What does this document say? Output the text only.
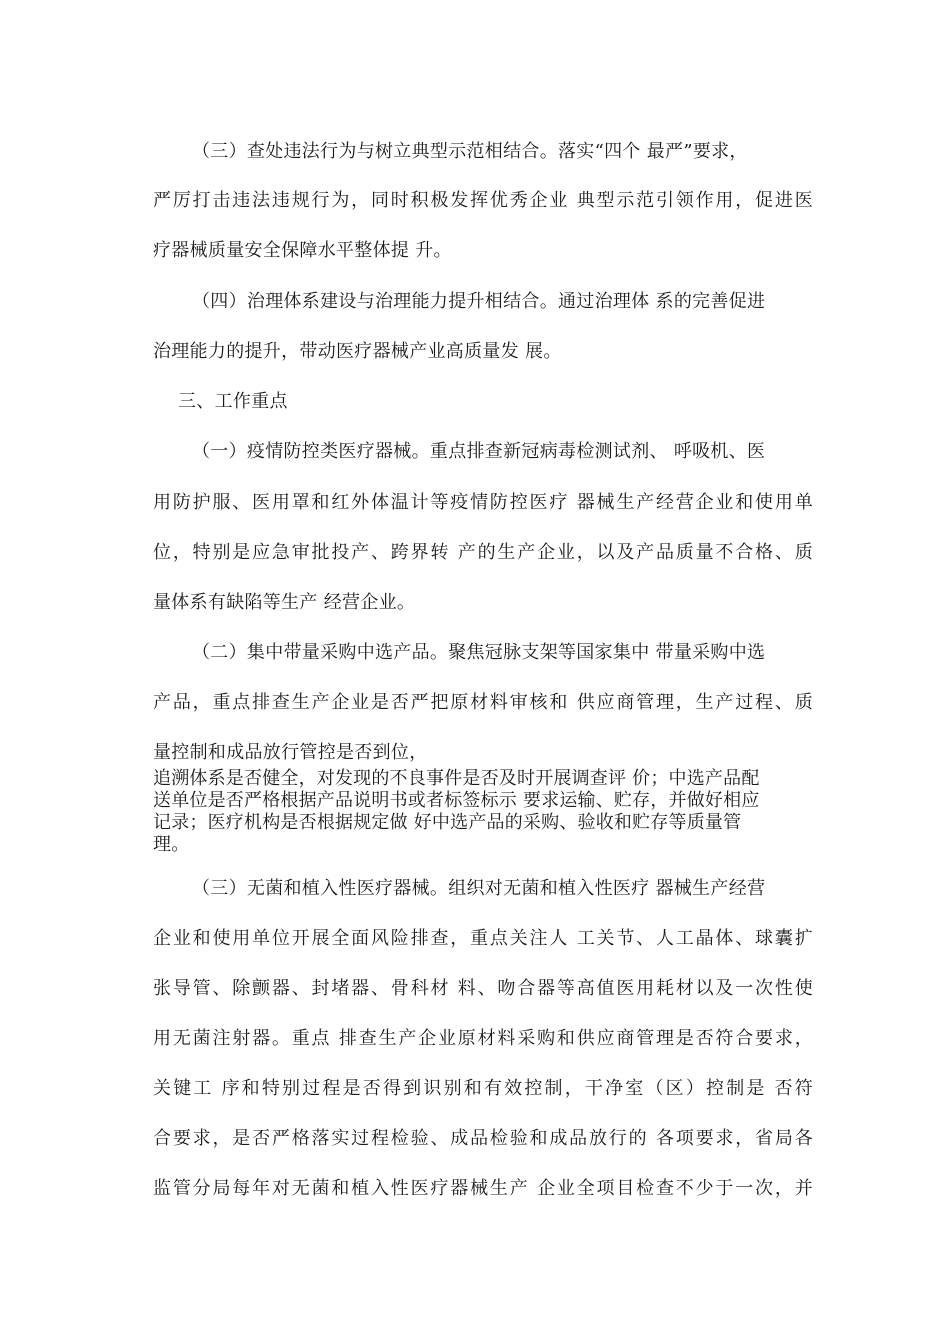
（三）查处违法行为与树立典型示范相结合。落实“四个 最严”要求，
严厉打击违法违规行为，同时积极发挥优秀企业 典型示范引领作用，促进医
疗器械质量安全保障水平整体提 升。
（四）治理体系建设与治理能力提升相结合。通过治理体 系的完善促进
治理能力的提升，带动医疗器械产业高质量发 展。
三、工作重点
（一）疫情防控类医疗器械。重点排查新冠病毒检测试剂、 呼吸机、医
用防护服、医用罩和红外体温计等疫情防控医疗 器械生产经营企业和使用单
位，特别是应急审批投产、跨界转 产的生产企业，以及产品质量不合格、质
量体系有缺陷等生产 经营企业。
（二）集中带量采购中选产品。聚焦冠脉支架等国家集中 带量采购中选
产品，重点排查生产企业是否严把原材料审核和 供应商管理，生产过程、质
量控制和成品放行管控是否到位，
追溯体系是否健全，对发现的不良事件是否及时开展调查评 价；中选产品配
送单位是否严格根据产品说明书或者标签标示 要求运输、贮存，并做好相应
记录；医疗机构是否根据规定做 好中选产品的采购、验收和贮存等质量管
理。
（三）无菌和植入性医疗器械。组织对无菌和植入性医疗 器械生产经营
企业和使用单位开展全面风险排查，重点关注人 工关节、人工晶体、球囊扩
张导管、除颤器、封堵器、骨科材 料、吻合器等高值医用耗材以及一次性使
用无菌注射器。重点 排查生产企业原材料采购和供应商管理是否符合要求，
关键工 序和特别过程是否得到识别和有效控制，干净室（区）控制是 否符
合要求，是否严格落实过程检验、成品检验和成品放行的 各项要求，省局各
监管分局每年对无菌和植入性医疗器械生产 企业全项目检查不少于一次，并
